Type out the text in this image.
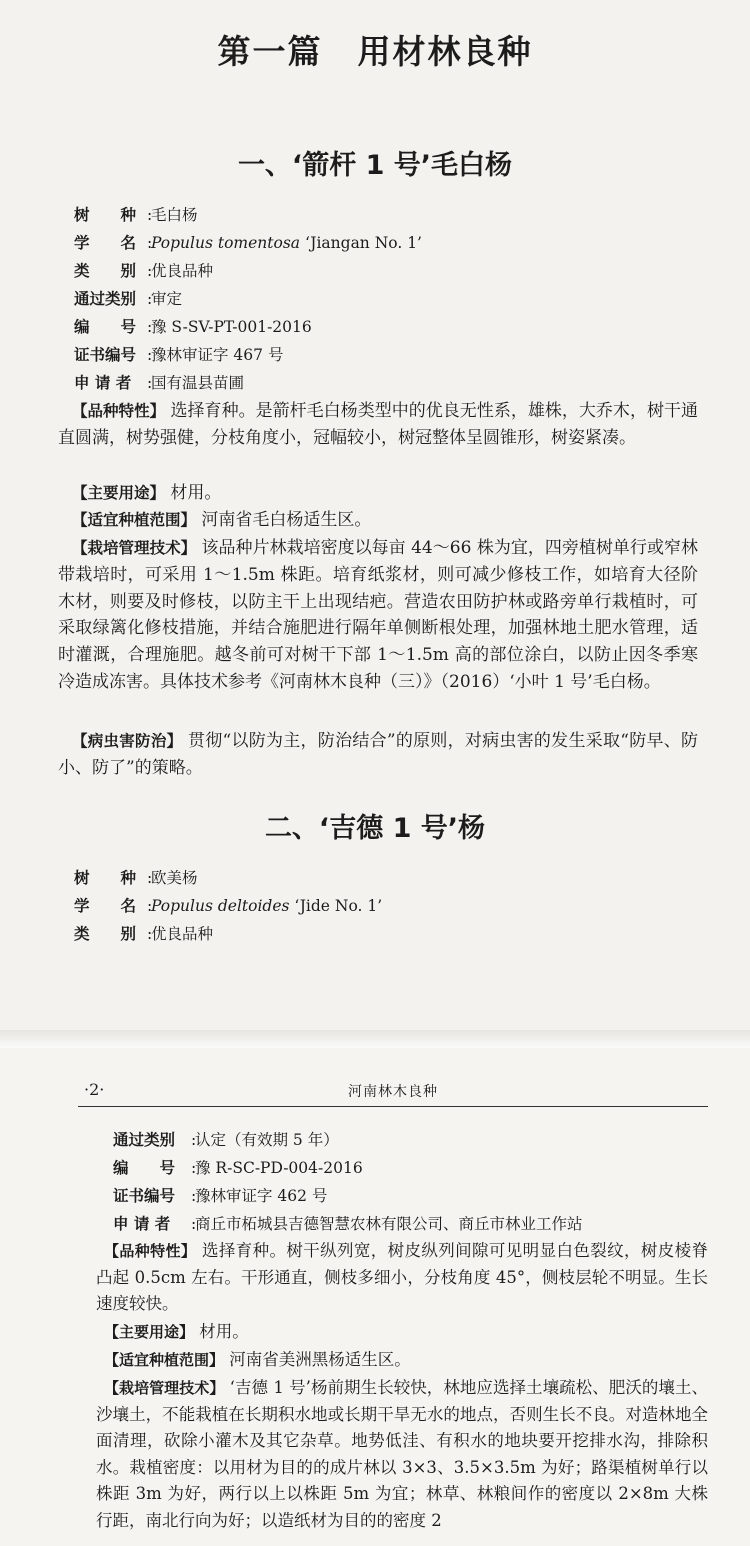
第一篇　用材林良种
一、‘箭杆 1 号’毛白杨
树　　种 :毛白杨
学　　名 :Populus tomentosa ‘Jiangan No. 1’
类　　别 :优良品种
通过类别 :审定
编　　号 :豫 S-SV-PT-001-2016
证书编号 :豫林审证字 467 号
申 请 者 :国有温县苗圃
【品种特性】 选择育种。是箭杆毛白杨类型中的优良无性系，雄株，大乔木，树干通直圆满，树势强健，分枝角度小，冠幅较小，树冠整体呈圆锥形，树姿紧凑。
【主要用途】 材用。
【适宜种植范围】 河南省毛白杨适生区。
【栽培管理技术】 该品种片林栽培密度以每亩 44～66 株为宜，四旁植树单行或窄林带栽培时，可采用 1～1.5m 株距。培育纸浆材，则可减少修枝工作，如培育大径阶木材，则要及时修枝，以防主干上出现结疤。营造农田防护林或路旁单行栽植时，可采取绿篱化修枝措施，并结合施肥进行隔年单侧断根处理，加强林地土肥水管理，适时灌溉，合理施肥。越冬前可对树干下部 1～1.5m 高的部位涂白，以防止因冬季寒冷造成冻害。具体技术参考《河南林木良种（三）》（2016）‘小叶 1 号’毛白杨。
【病虫害防治】 贯彻“以防为主，防治结合”的原则，对病虫害的发生采取“防早、防小、防了”的策略。
二、‘吉德 1 号’杨
树　　种 :欧美杨
学　　名 :Populus deltoides ‘Jide No. 1’
类　　别 :优良品种
·2·	河南林木良种
通过类别 :认定（有效期 5 年）
编　　号 :豫 R-SC-PD-004-2016
证书编号 :豫林审证字 462 号
申 请 者 :商丘市柘城县吉德智慧农林有限公司、商丘市林业工作站
【品种特性】 选择育种。树干纵列宽，树皮纵列间隙可见明显白色裂纹，树皮棱脊凸起 0.5cm 左右。干形通直，侧枝多细小，分枝角度 45°，侧枝层轮不明显。生长速度较快。
【主要用途】 材用。
【适宜种植范围】 河南省美洲黑杨适生区。
【栽培管理技术】 ‘吉德 1 号’杨前期生长较快，林地应选择土壤疏松、肥沃的壤土、沙壤土，不能栽植在长期积水地或长期干旱无水的地点，否则生长不良。对造林地全面清理，砍除小灌木及其它杂草。地势低洼、有积水的地块要开挖排水沟，排除积水。栽植密度：以用材为目的的成片林以 3×3、3.5×3.5m 为好；路渠植树单行以株距 3m 为好，两行以上以株距 5m 为宜；林草、林粮间作的密度以 2×8m 大株行距，南北行向为好；以造纸材为目的的密度 2
